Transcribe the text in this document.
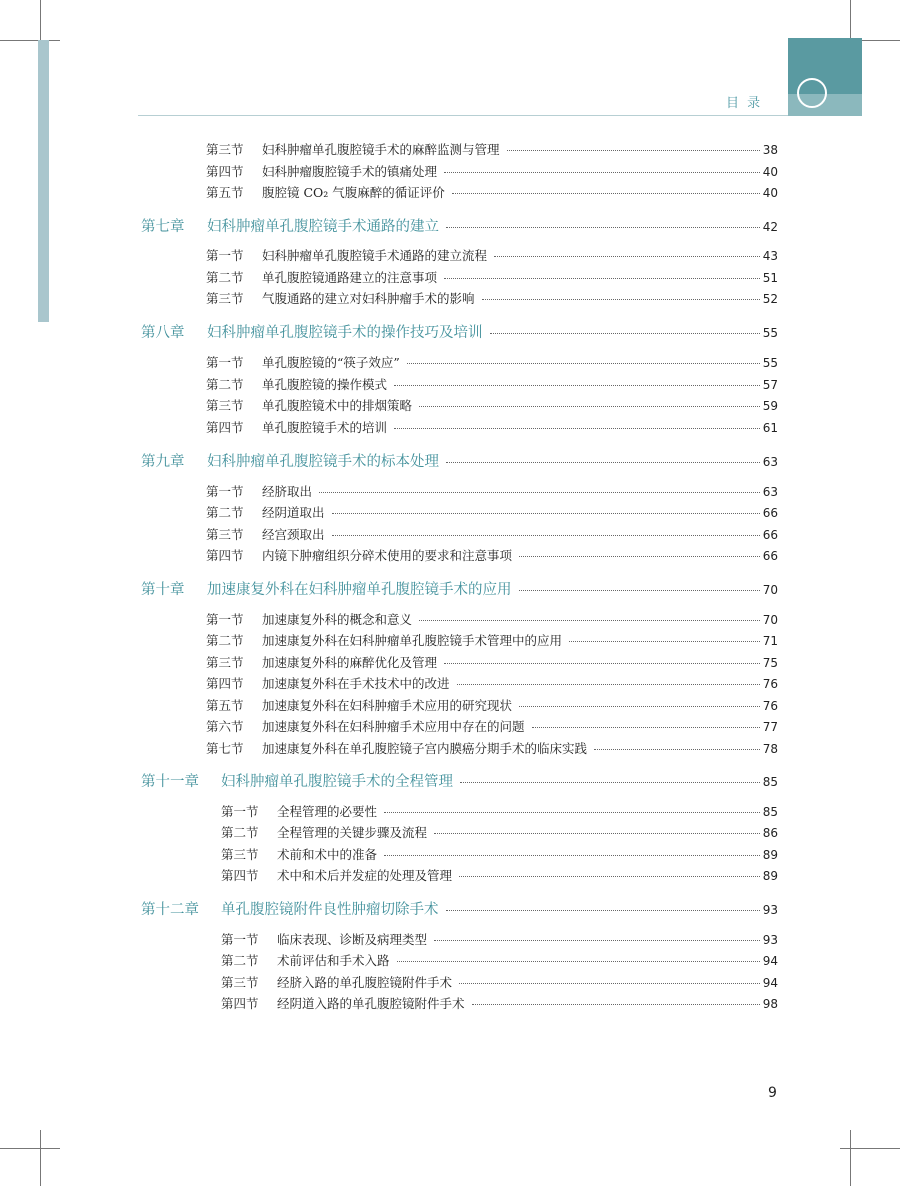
目 录
第三节	妇科肿瘤单孔腹腔镜手术的麻醉监测与管理	38
第四节	妇科肿瘤腹腔镜手术的镇痛处理	40
第五节	腹腔镜 CO₂ 气腹麻醉的循证评价	40
第七章	妇科肿瘤单孔腹腔镜手术通路的建立	42
第一节	妇科肿瘤单孔腹腔镜手术通路的建立流程	43
第二节	单孔腹腔镜通路建立的注意事项	51
第三节	气腹通路的建立对妇科肿瘤手术的影响	52
第八章	妇科肿瘤单孔腹腔镜手术的操作技巧及培训	55
第一节	单孔腹腔镜的“筷子效应”	55
第二节	单孔腹腔镜的操作模式	57
第三节	单孔腹腔镜术中的排烟策略	59
第四节	单孔腹腔镜手术的培训	61
第九章	妇科肿瘤单孔腹腔镜手术的标本处理	63
第一节	经脐取出	63
第二节	经阴道取出	66
第三节	经宫颈取出	66
第四节	内镜下肿瘤组织分碎术使用的要求和注意事项	66
第十章	加速康复外科在妇科肿瘤单孔腹腔镜手术的应用	70
第一节	加速康复外科的概念和意义	70
第二节	加速康复外科在妇科肿瘤单孔腹腔镜手术管理中的应用	71
第三节	加速康复外科的麻醉优化及管理	75
第四节	加速康复外科在手术技术中的改进	76
第五节	加速康复外科在妇科肿瘤手术应用的研究现状	76
第六节	加速康复外科在妇科肿瘤手术应用中存在的问题	77
第七节	加速康复外科在单孔腹腔镜子宫内膜癌分期手术的临床实践	78
第十一章	妇科肿瘤单孔腹腔镜手术的全程管理	85
第一节	全程管理的必要性	85
第二节	全程管理的关键步骤及流程	86
第三节	术前和术中的准备	89
第四节	术中和术后并发症的处理及管理	89
第十二章	单孔腹腔镜附件良性肿瘤切除手术	93
第一节	临床表现、诊断及病理类型	93
第二节	术前评估和手术入路	94
第三节	经脐入路的单孔腹腔镜附件手术	94
第四节	经阴道入路的单孔腹腔镜附件手术	98
9
